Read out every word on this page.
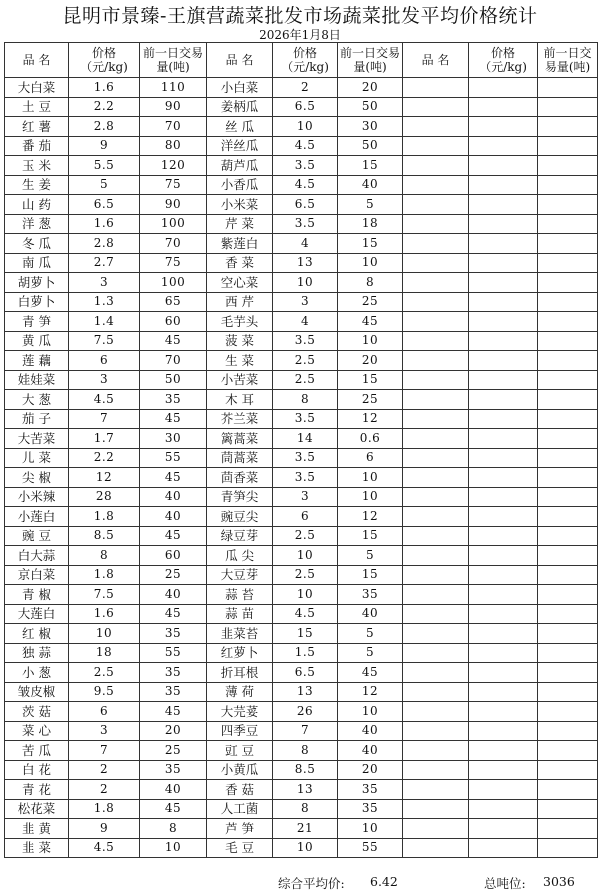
昆明市景臻-王旗营蔬菜批发市场蔬菜批发平均价格统计
2026年1月8日
品 名	价格（元/kg)	前一日交易量(吨)	品 名	价格（元/kg)	前一日交易量(吨)	品 名	价格（元/kg)	前一日交易量(吨)
大白菜	1.6	110	小白菜	2	20			
土 豆	2.2	90	姜柄瓜	6.5	50			
红 薯	2.8	70	丝 瓜	10	30			
番 茄	9	80	洋丝瓜	4.5	50			
玉 米	5.5	120	葫芦瓜	3.5	15			
生 姜	5	75	小香瓜	4.5	40			
山 药	6.5	90	小米菜	6.5	5			
洋 葱	1.6	100	芹 菜	3.5	18			
冬 瓜	2.8	70	紫莲白	4	15			
南 瓜	2.7	75	香 菜	13	10			
胡萝卜	3	100	空心菜	10	8			
白萝卜	1.3	65	西 芹	3	25			
青 笋	1.4	60	毛芋头	4	45			
黄 瓜	7.5	45	菠 菜	3.5	10			
莲 藕	6	70	生 菜	2.5	20			
娃娃菜	3	50	小苦菜	2.5	15			
大 葱	4.5	35	木 耳	8	25			
茄 子	7	45	芥兰菜	3.5	12			
大苦菜	1.7	30	篱蒿菜	14	0.6			
儿 菜	2.2	55	茼蒿菜	3.5	6			
尖 椒	12	45	茴香菜	3.5	10			
小米辣	28	40	青笋尖	3	10			
小莲白	1.8	40	豌豆尖	6	12			
豌 豆	8.5	45	绿豆芽	2.5	15			
白大蒜	8	60	瓜 尖	10	5			
京白菜	1.8	25	大豆芽	2.5	15			
青 椒	7.5	40	蒜 苔	10	35			
大莲白	1.6	45	蒜 苗	4.5	40			
红 椒	10	35	韭菜苔	15	5			
独 蒜	18	55	红萝卜	1.5	5			
小 葱	2.5	35	折耳根	6.5	45			
皱皮椒	9.5	35	薄 荷	13	12			
茨 菇	6	45	大芫荽	26	10			
菜 心	3	20	四季豆	7	40			
苦 瓜	7	25	豇 豆	8	40			
白 花	2	35	小黄瓜	8.5	20			
青 花	2	40	香 菇	13	35			
松花菜	1.8	45	人工菌	8	35			
韭 黄	9	8	芦 笋	21	10			
韭 菜	4.5	10	毛 豆	10	55			
综合平均价: 6.42	总吨位: 3036
